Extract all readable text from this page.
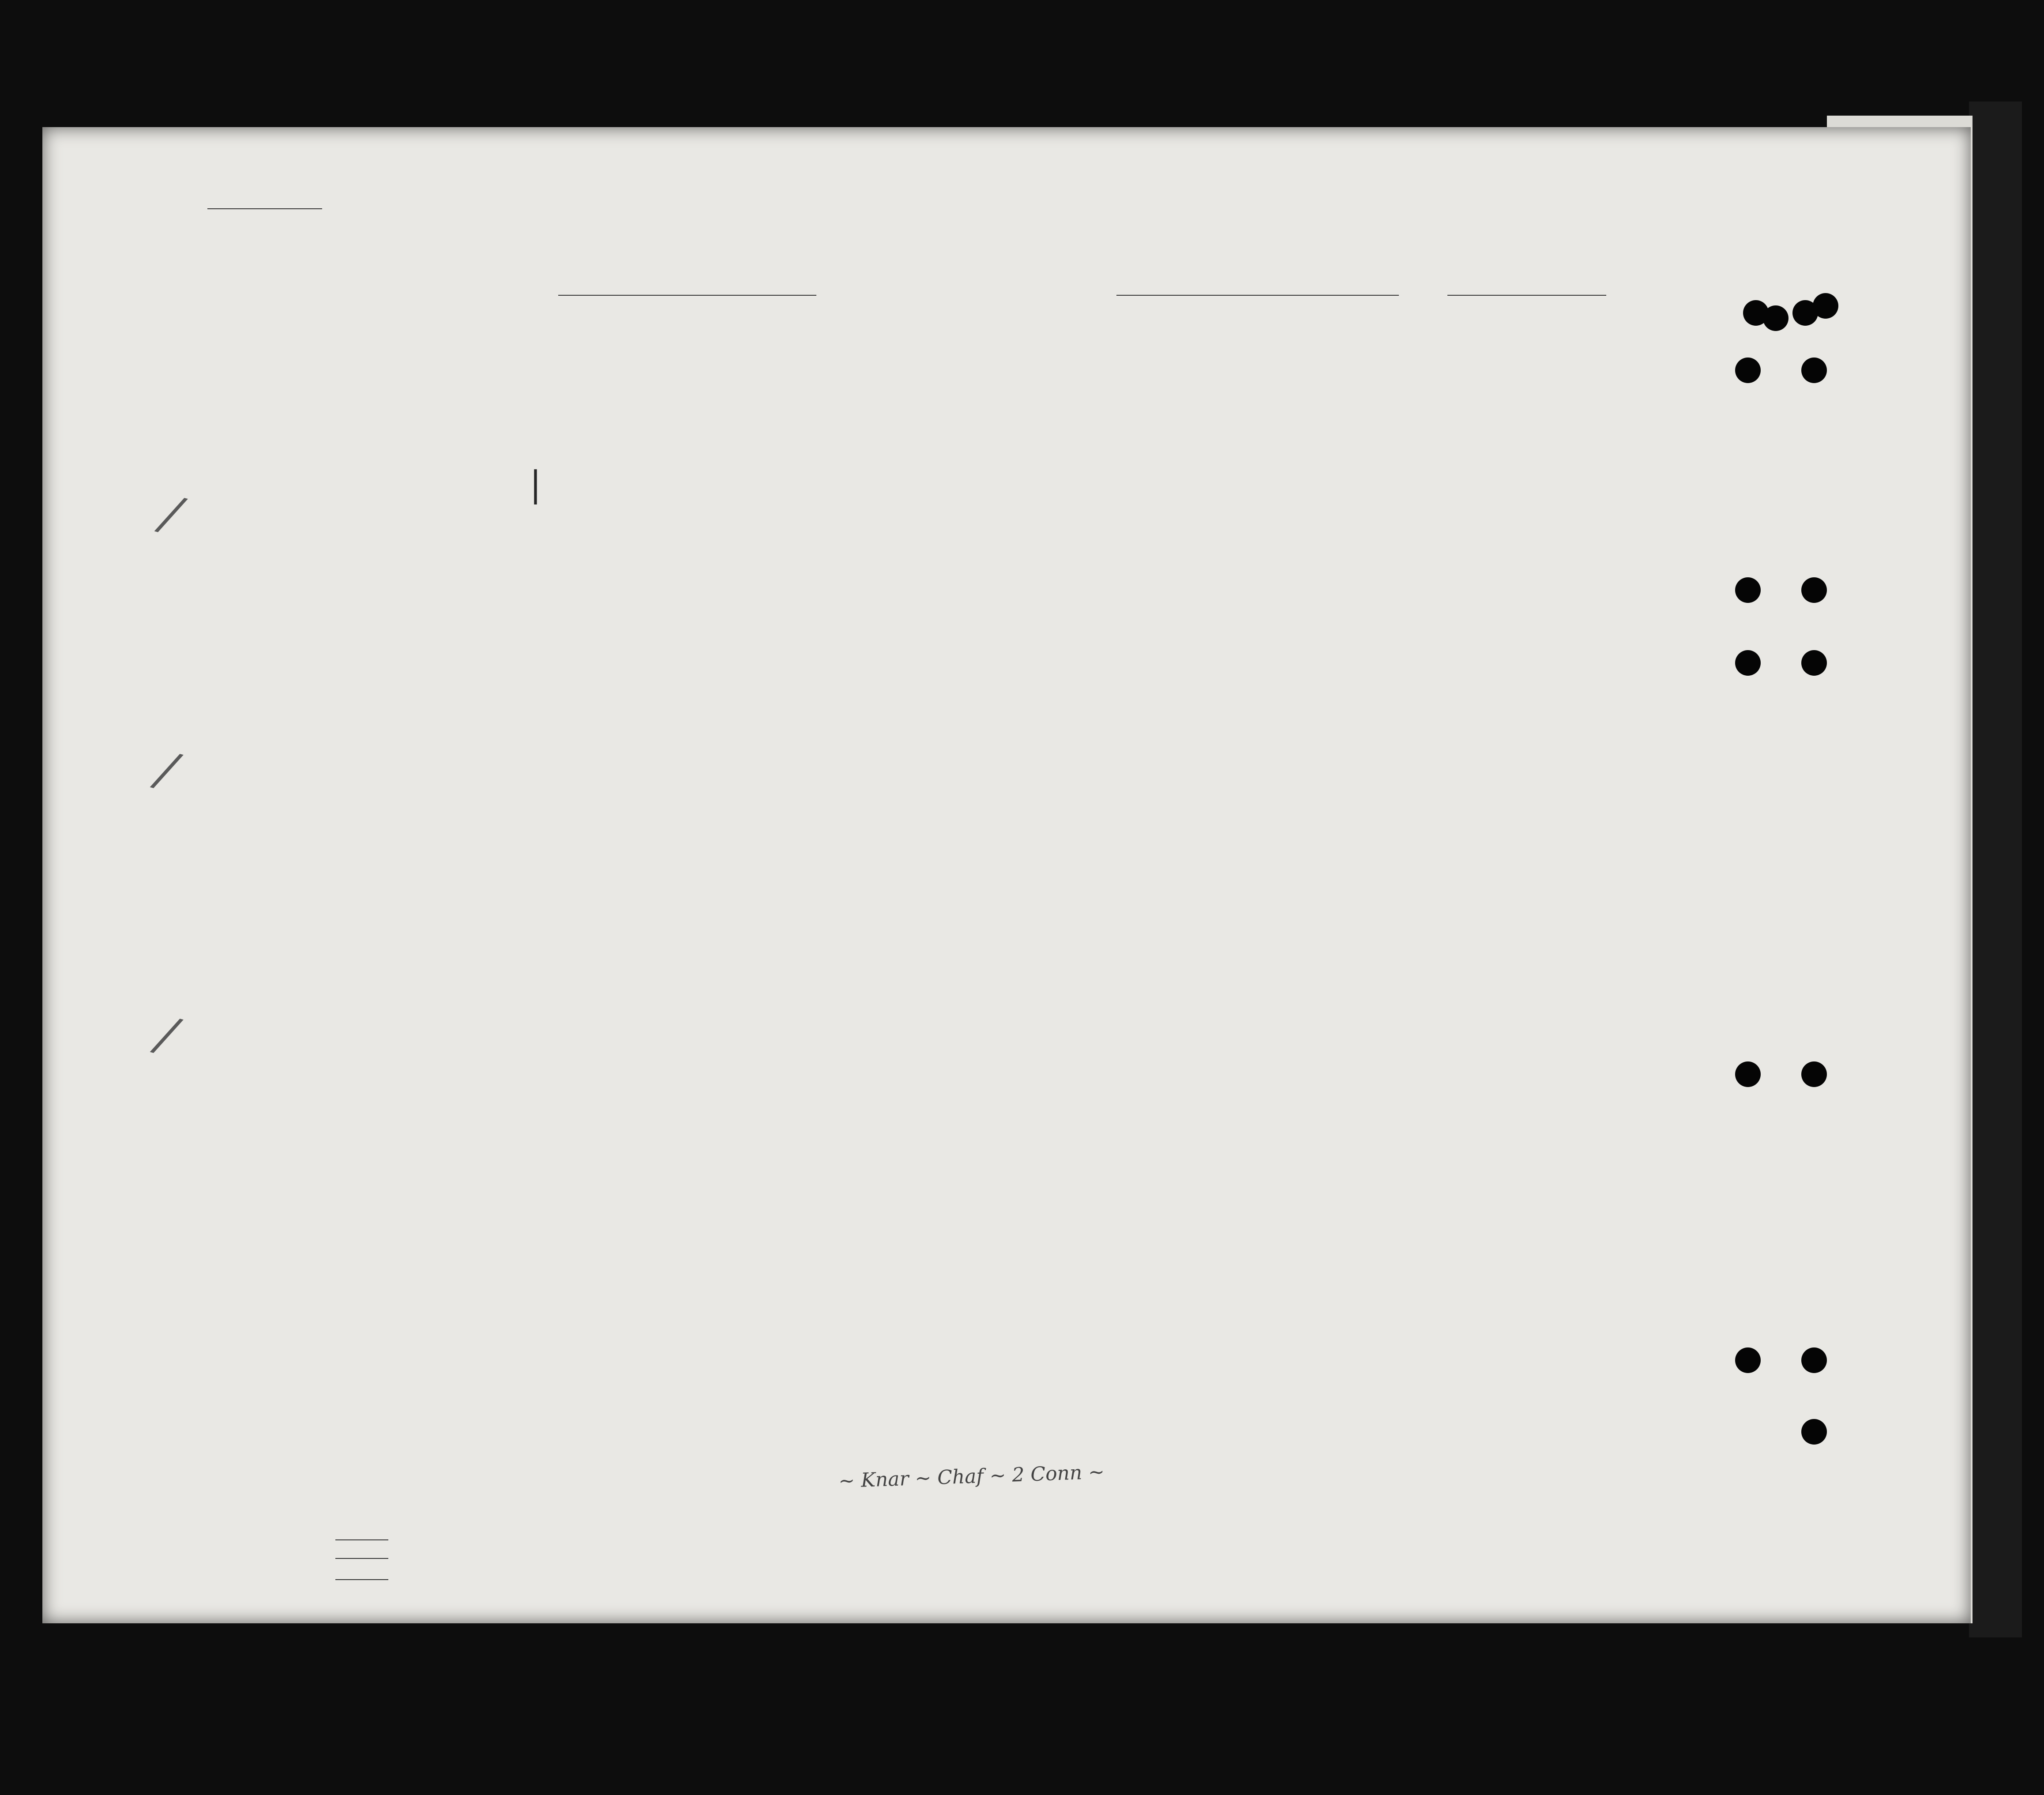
|
/
/
/
~ Knar ~ Chaf ~ 2 Conn ~
